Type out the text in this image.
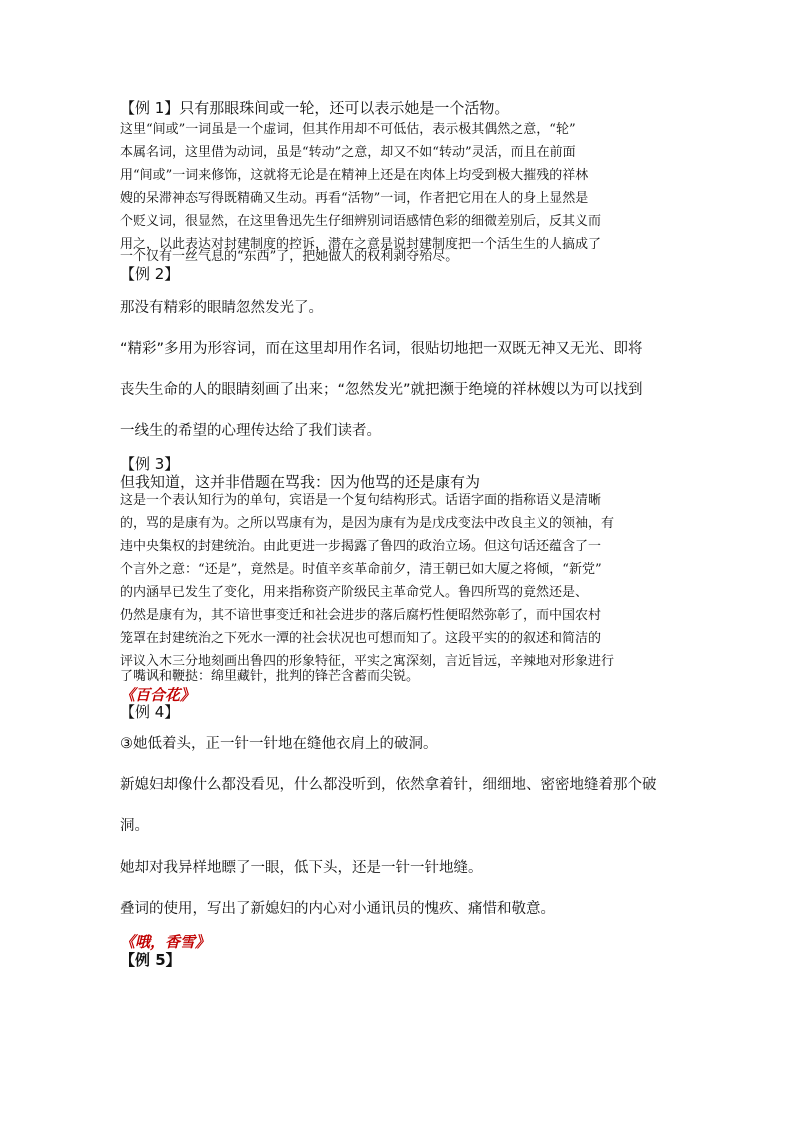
【例 1】只有那眼珠间或一轮，还可以表示她是一个活物。
这里“间或”一词虽是一个虚词，但其作用却不可低估，表示极其偶然之意，“轮”
本属名词，这里借为动词，虽是“转动”之意，却又不如“转动”灵活，而且在前面
用“间或”一词来修饰，这就将无论是在精神上还是在肉体上均受到极大摧残的祥林
嫂的呆滞神态写得既精确又生动。再看“活物”一词，作者把它用在人的身上显然是
个贬义词，很显然，在这里鲁迅先生仔细辨别词语感情色彩的细微差别后，反其义而
用之，以此表达对封建制度的控诉，潜在之意是说封建制度把一个活生生的人搞成了
一个仅有一丝气息的“东西”了，把她做人的权利剥夺殆尽。
【例 2】
那没有精彩的眼睛忽然发光了。
“精彩”多用为形容词，而在这里却用作名词，很贴切地把一双既无神又无光、即将
丧失生命的人的眼睛刻画了出来；“忽然发光”就把濒于绝境的祥林嫂以为可以找到
一线生的希望的心理传达给了我们读者。
【例 3】
但我知道，这并非借题在骂我：因为他骂的还是康有为
这是一个表认知行为的单句，宾语是一个复句结构形式。话语字面的指称语义是清晰
的，骂的是康有为。之所以骂康有为，是因为康有为是戊戌变法中改良主义的领袖，有
违中央集权的封建统治。由此更进一步揭露了鲁四的政治立场。但这句话还蕴含了一
个言外之意：“还是”，竟然是。时值辛亥革命前夕，清王朝已如大厦之将倾，“新党”
的内涵早已发生了变化，用来指称资产阶级民主革命党人。鲁四所骂的竟然还是、
仍然是康有为，其不谙世事变迁和社会进步的落后腐朽性便昭然弥彰了，而中国农村
笼罩在封建统治之下死水一潭的社会状况也可想而知了。这段平实的的叙述和简洁的
评议入木三分地刻画出鲁四的形象特征，平实之寓深刻，言近旨远，辛辣地对形象进行
了嘴讽和鞭挞：绵里藏针，批判的锋芒含蓄而尖锐。
《百合花》
【例 4】
③她低着头，正一针一针地在缝他衣肩上的破洞。
新媳妇却像什么都没看见，什么都没听到，依然拿着针，细细地、密密地缝着那个破
洞。
她却对我异样地瞟了一眼，低下头，还是一针一针地缝。
叠词的使用，写出了新媳妇的内心对小通讯员的愧疚、痛惜和敬意。
《哦，香雪》
【例 5】
